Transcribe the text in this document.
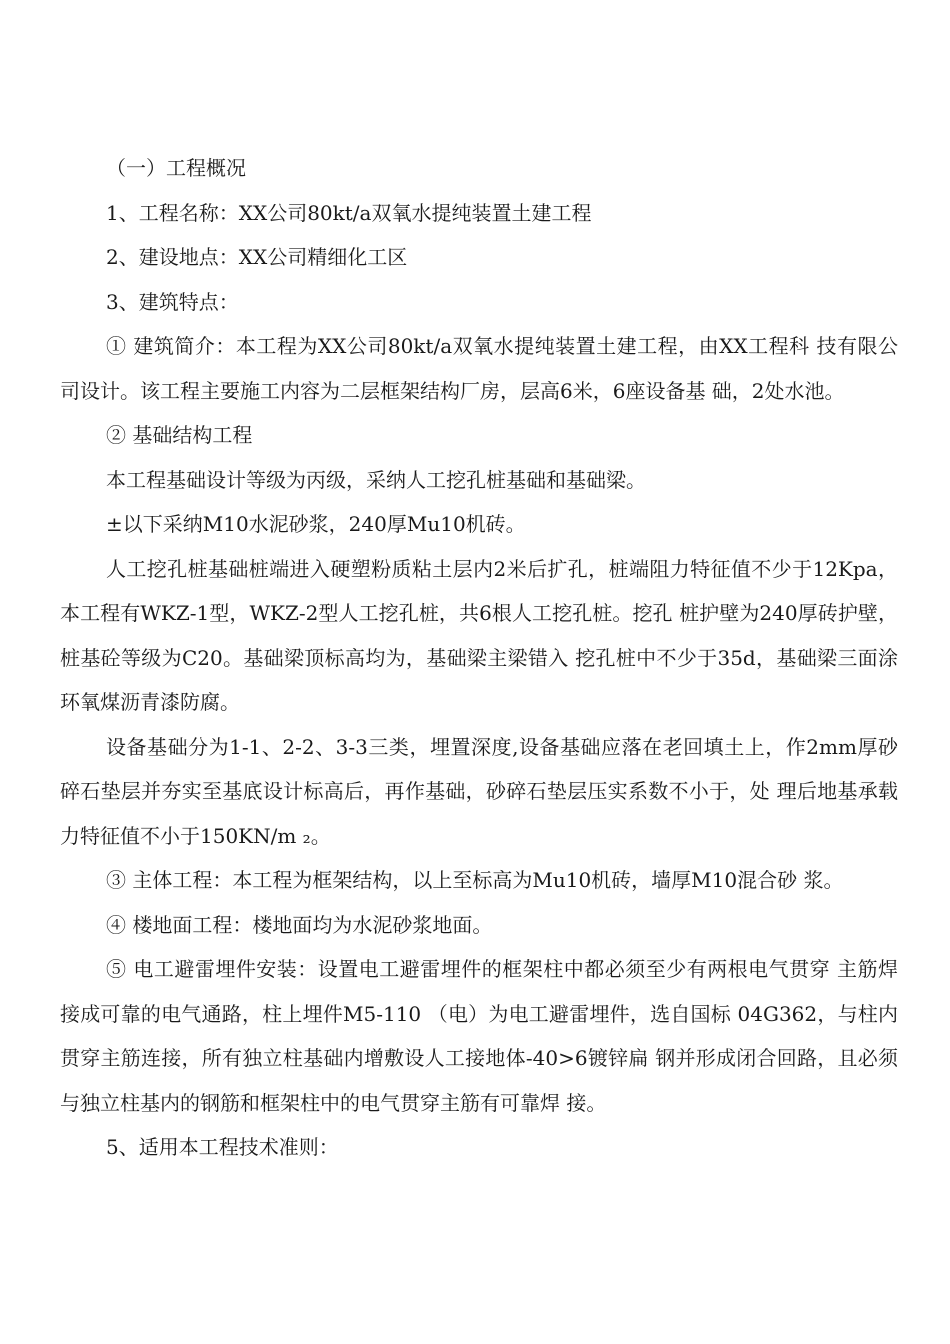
（一）工程概况

1、工程名称：XX公司80kt/a双氧水提纯装置土建工程

2、建设地点：XX公司精细化工区

3、建筑特点：

① 建筑简介：本工程为XX公司80kt/a双氧水提纯装置土建工程，由XX工程科 技有限公司设计。该工程主要施工内容为二层框架结构厂房，层高6米，6座设备基 础，2处水池。

② 基础结构工程

本工程基础设计等级为丙级，采纳人工挖孔桩基础和基础梁。

±以下采纳M10水泥砂浆，240厚Mu10机砖。

人工挖孔桩基础桩端进入硬塑粉质粘土层内2米后扩孔，桩端阻力特征值不少于12Kpa，本工程有WKZ-1型，WKZ-2型人工挖孔桩，共6根人工挖孔桩。挖孔 桩护壁为240厚砖护壁，桩基砼等级为C20。基础梁顶标高均为，基础梁主梁错入 挖孔桩中不少于35d，基础梁三面涂环氧煤沥青漆防腐。

设备基础分为1-1、2-2、3-3三类，埋置深度,设备基础应落在老回填土上，作2mm厚砂碎石垫层并夯实至基底设计标高后，再作基础，砂碎石垫层压实系数不小于，处 理后地基承载力特征值不小于150KN/m ₂。

③ 主体工程：本工程为框架结构，以上至标高为Mu10机砖，墙厚M10混合砂 浆。

④ 楼地面工程：楼地面均为水泥砂浆地面。

⑤ 电工避雷埋件安装：设置电工避雷埋件的框架柱中都必须至少有两根电气贯穿 主筋焊接成可靠的电气通路，柱上埋件M5-110 （电）为电工避雷埋件，选自国标 04G362，与柱内贯穿主筋连接，所有独立柱基础内增敷设人工接地体-40>6镀锌扁 钢并形成闭合回路，且必须与独立柱基内的钢筋和框架柱中的电气贯穿主筋有可靠焊 接。

5、适用本工程技术准则：
